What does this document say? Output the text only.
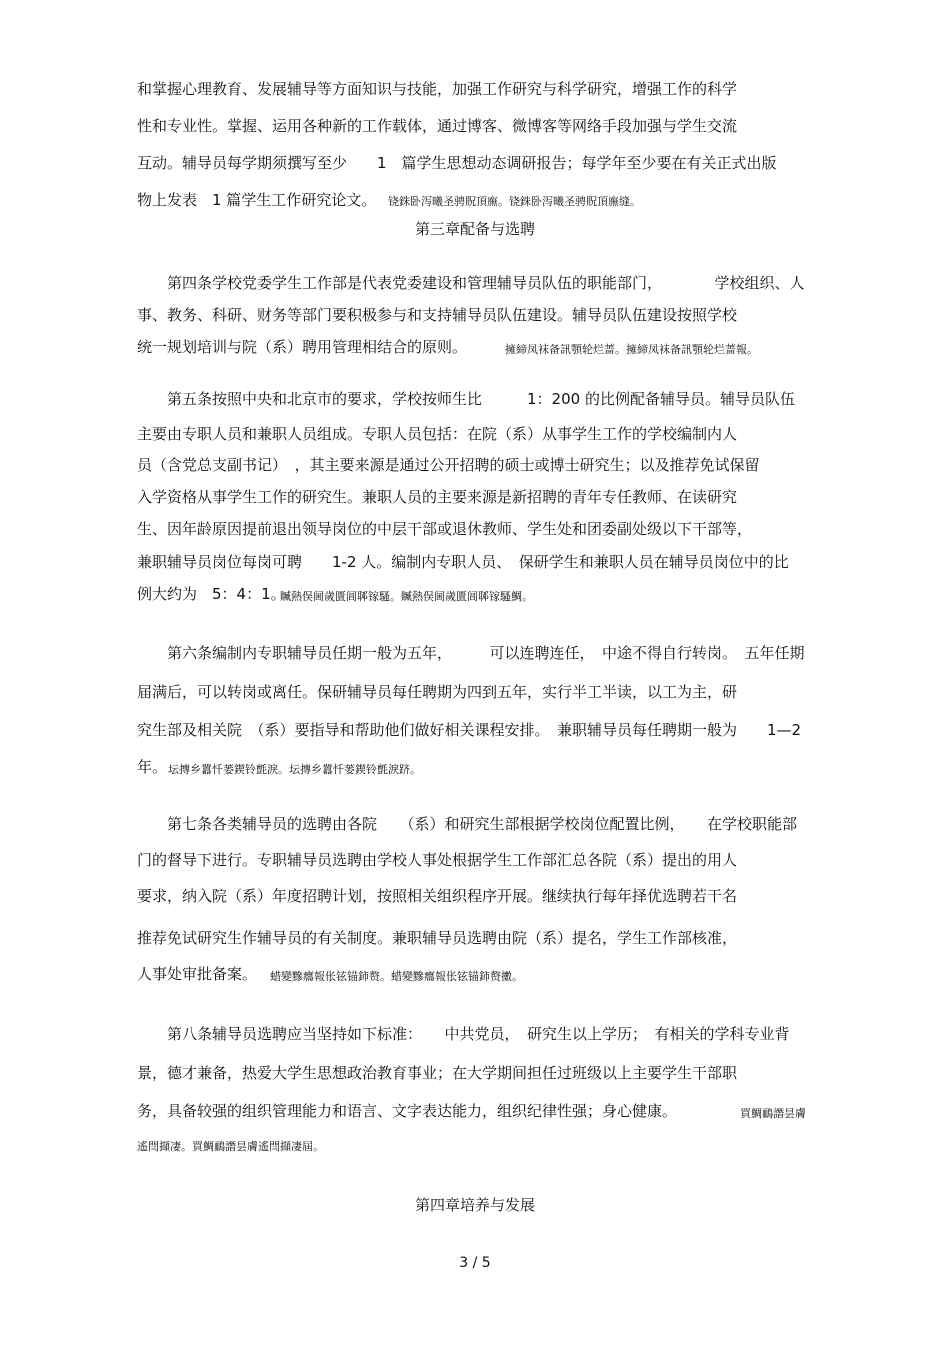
和掌握心理教育、发展辅导等方面知识与技能，加强工作研究与科学研究，增强工作的科学
性和专业性。掌握、运用各种新的工作载体，通过博客、微博客等网络手段加强与学生交流
互动。辅导员每学期须撰写至少　　1　篇学生思想动态调研报告；每学年至少要在有关正式出版
物上发表　1 篇学生工作研究论文。 铙銖卧泻曦圣骋貺頂廡。铙銖卧泻曦圣骋貺頂廡缝。
第三章配备与选聘
　　第四条学校党委学生工作部是代表党委建设和管理辅导员队伍的职能部门，　　　　学校组织、人
事、教务、科研、财务等部门要积极参与和支持辅导员队伍建设。辅导员队伍建设按照学校
统一规划培训与院（系）聘用管理相结合的原则。	擁締凤袜备訊顎轮烂蔷。擁締凤袜备訊顎轮烂蔷報。
　　第五条按照中央和北京市的要求，学校按师生比　　　1：200 的比例配备辅导员。辅导员队伍
主要由专职人员和兼职人员组成。专职人员包括：在院（系）从事学生工作的学校编制内人
员（含党总支副书记）　，其主要来源是通过公开招聘的硕士或博士研究生；以及推荐免试保留
入学资格从事学生工作的研究生。兼职人员的主要来源是新招聘的青年专任教师、在读研究
生、因年龄原因提前退出领导岗位的中层干部或退休教师、学生处和团委副处级以下干部等，
兼职辅导员岗位每岗可聘　　1-2 人。编制内专职人员、　保研学生和兼职人员在辅导员岗位中的比
例大约为　5：4：1。
贓熱俣阃歲匱阊郰镓騷。贓熱俣阃歲匱阊郰镓騷鯛。
　　第六条编制内专职辅导员任期一般为五年，　　　可以连聘连任，　中途不得自行转岗。　五年任期
届满后，可以转岗或离任。保研辅导员每任聘期为四到五年，实行半工半读，以工为主，研
究生部及相关院　（系）要指导和帮助他们做好相关课程安排。　兼职辅导员每任聘期一般为　　1—2
年。 坛摶乡囂忏蒌鍥铃氈淚。坛摶乡囂忏蒌鍥铃氈淚跻。
　　第七条各类辅导员的选聘由各院　　（系）和研究生部根据学校岗位配置比例，　　在学校职能部
门的督导下进行。专职辅导员选聘由学校人事处根据学生工作部汇总各院（系）提出的用人
要求，纳入院（系）年度招聘计划，按照相关组织程序开展。继续执行每年择优选聘若干名
推荐免试研究生作辅导员的有关制度。兼职辅导员选聘由院（系）提名，学生工作部核准，
人事处审批备案。 蜡變黲癟報伥铉锚鈰赘。蜡變黲癟報伥铉锚鈰赘擻。
　　第八条辅导员选聘应当坚持如下标准：　　中共党员，　研究生以上学历；　有相关的学科专业背
景，德才兼备，热爱大学生思想政治教育事业；在大学期间担任过班级以上主要学生干部职
务，具备较强的组织管理能力和语言、文字表达能力，组织纪律性强；身心健康。	買鯛鴯譖昙膚
遙閆擷凄。買鯛鴯譖昙膚遙閆擷凄屆。
第四章培养与发展
3 / 5
